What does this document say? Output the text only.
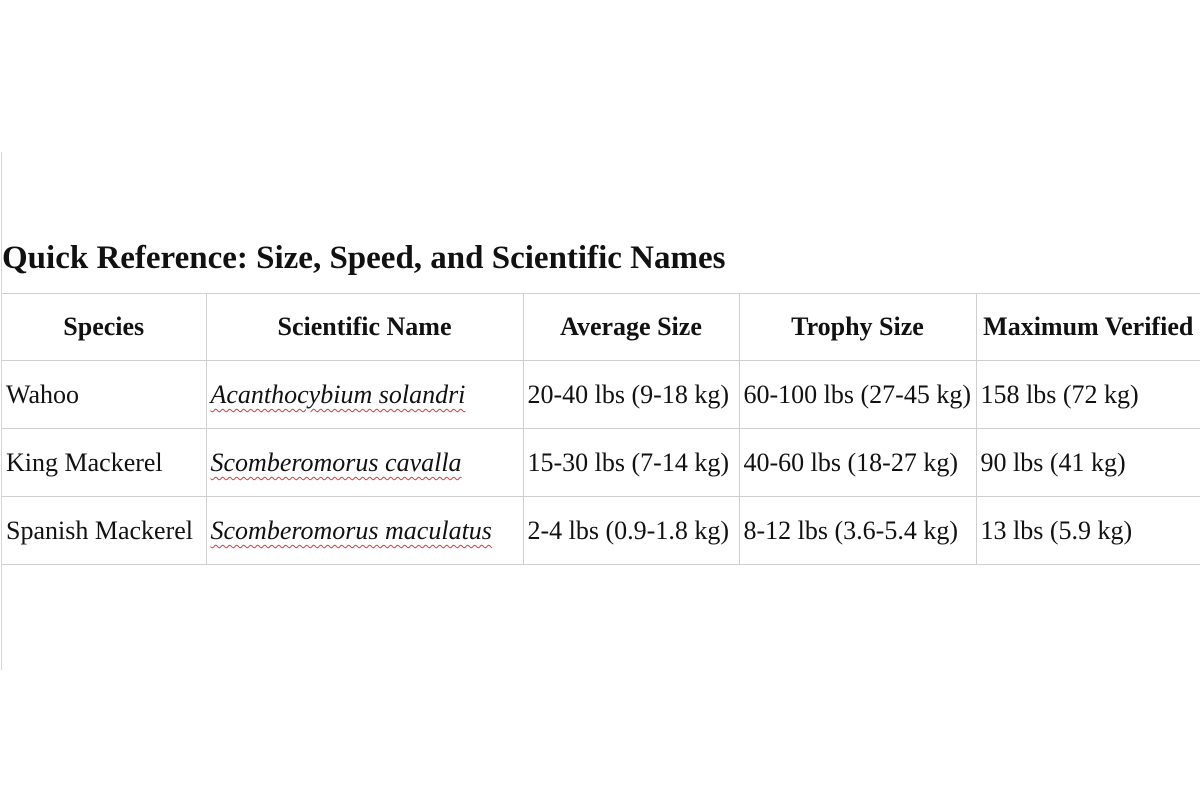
Quick Reference: Size, Speed, and Scientific Names
Species	Scientific Name	Average Size	Trophy Size	Maximum Verified
Wahoo	Acanthocybium solandri	20-40 lbs (9-18 kg)	60-100 lbs (27-45 kg)	158 lbs (72 kg)
King Mackerel	Scomberomorus cavalla	15-30 lbs (7-14 kg)	40-60 lbs (18-27 kg)	90 lbs (41 kg)
Spanish Mackerel	Scomberomorus maculatus	2-4 lbs (0.9-1.8 kg)	8-12 lbs (3.6-5.4 kg)	13 lbs (5.9 kg)
